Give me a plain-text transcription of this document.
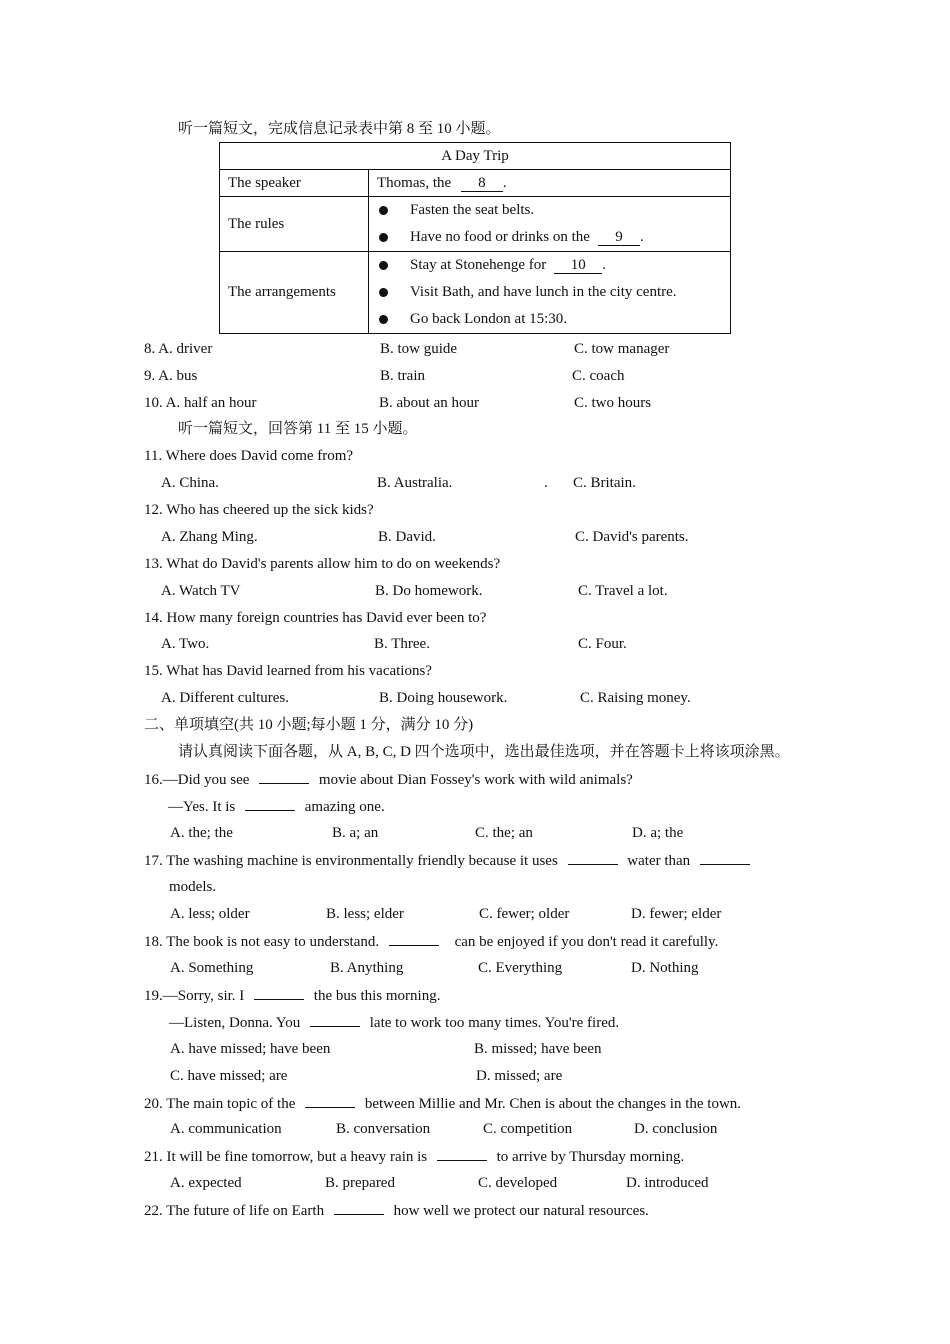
听一篇短文，完成信息记录表中第 8 至 10 小题。
A Day Trip	
The speaker	Thomas, the 8 .
The rules	Fasten the seat belts.
Have no food or drinks on the 9 .

The arrangements	Stay at Stonehenge for 10 .
Visit Bath, and have lunch in the city centre.
Go back London at 15:30.
8. A. driver	B. tow guide	C. tow manager
9. A. bus	B. train	C. coach
10. A. half an hour	B. about an hour	C. two hours
听一篇短文，回答第 11 至 15 小题。
11. Where does David come from?
A. China.	B. Australia.	. C. Britain.
12. Who has cheered up the sick kids?
A. Zhang Ming.	B. David.	C. David's parents.
13. What do David's parents allow him to do on weekends?
A. Watch TV	B. Do homework.	C. Travel a lot.
14. How many foreign countries has David ever been to?
A. Two.	B. Three.	C. Four.
15. What has David learned from his vacations?
A. Different cultures.	B. Doing housework.	C. Raising money.
二、单项填空(共 10 小题;每小题 1 分，满分 10 分)
请认真阅读下面各题，从 A, B, C, D 四个选项中，选出最佳选项，并在答题卡上将该项涂黑。
16.—Did you see	movie about Dian Fossey's work with wild animals?
—Yes. It is	amazing one.
A. the; the	B. a; an	C. the; an	D. a; the
17. The washing machine is environmentally friendly because it uses	water than
models.
A. less; older	B. less; elder	C. fewer; older	D. fewer; elder
18. The book is not easy to understand.	can be enjoyed if you don't read it carefully.
A. Something	B. Anything	C. Everything	D. Nothing
19.—Sorry, sir. I	the bus this morning.
—Listen, Donna. You	late to work too many times. You're fired.
A. have missed; have been	B. missed; have been
C. have missed; are	D. missed; are
20. The main topic of the	between Millie and Mr. Chen is about the changes in the town.
A. communication	B. conversation	C. competition	D. conclusion
21. It will be fine tomorrow, but a heavy rain is	to arrive by Thursday morning.
A. expected	B. prepared	C. developed	D. introduced
22. The future of life on Earth	how well we protect our natural resources.
